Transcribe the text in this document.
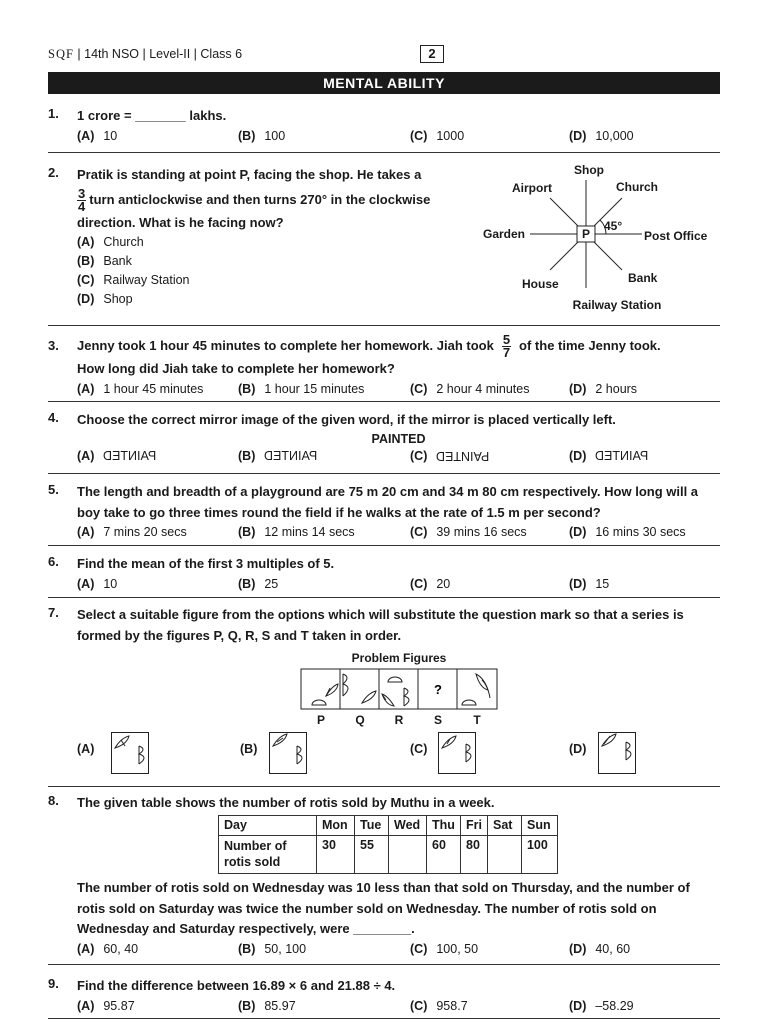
SQF | 14th NSO | Level-II | Class 6	2
MENTAL ABILITY
1. 1 crore = _______ lakhs.
(A) 10	(B) 100	(C) 1000	(D) 10,000
2. Pratik is standing at point P, facing the shop. He takes a
$\frac{3}{4}$ turn anticlockwise and then turns 270° in the clockwise
direction. What is he facing now?
(A) Church
(B) Bank
(C) Railway Station
(D) Shop
P
45°
Shop
Church
Post Office
Bank
Railway Station
House
Garden
Airport
3. Jenny took 1 hour 45 minutes to complete her homework. Jiah took $\frac{5}{7}$ of the time Jenny took.
How long did Jiah take to complete her homework?
(A) 1 hour 45 minutes	(B) 1 hour 15 minutes	(C) 2 hour 4 minutes	(D) 2 hours
4. Choose the correct mirror image of the given word, if the mirror is placed vertically left.
PAINTED
(A) PAINTED	(B) PAINTED	(C) PAINTED	(D) PAINTED
5. The length and breadth of a playground are 75 m 20 cm and 34 m 80 cm respectively. How long will a boy take to go three times round the field if he walks at the rate of 1.5 m per second?
(A) 7 mins 20 secs	(B) 12 mins 14 secs	(C) 39 mins 16 secs	(D) 16 mins 30 secs
6. Find the mean of the first 3 multiples of 5.
(A) 10	(B) 25	(C) 20	(D) 15
7. Select a suitable figure from the options which will substitute the question mark so that a series is formed by the figures P, Q, R, S and T taken in order.
Problem Figures
?
P	Q R	S	T
(A)	(B)	(C)	(D)
8. The given table shows the number of rotis sold by Muthu in a week.
Day	Mon	Tue	Wed	Thu	Fri	Sat	Sun
Number of rotis sold	30	55		60	80		100
The number of rotis sold on Wednesday was 10 less than that sold on Thursday, and the number of rotis sold on Saturday was twice the number sold on Wednesday. The number of rotis sold on Wednesday and Saturday respectively, were ________.
(A) 60, 40	(B) 50, 100	(C) 100, 50	(D) 40, 60
9. Find the difference between 16.89 × 6 and 21.88 ÷ 4.
(A) 95.87	(B) 85.97	(C) 958.7	(D) –58.29
